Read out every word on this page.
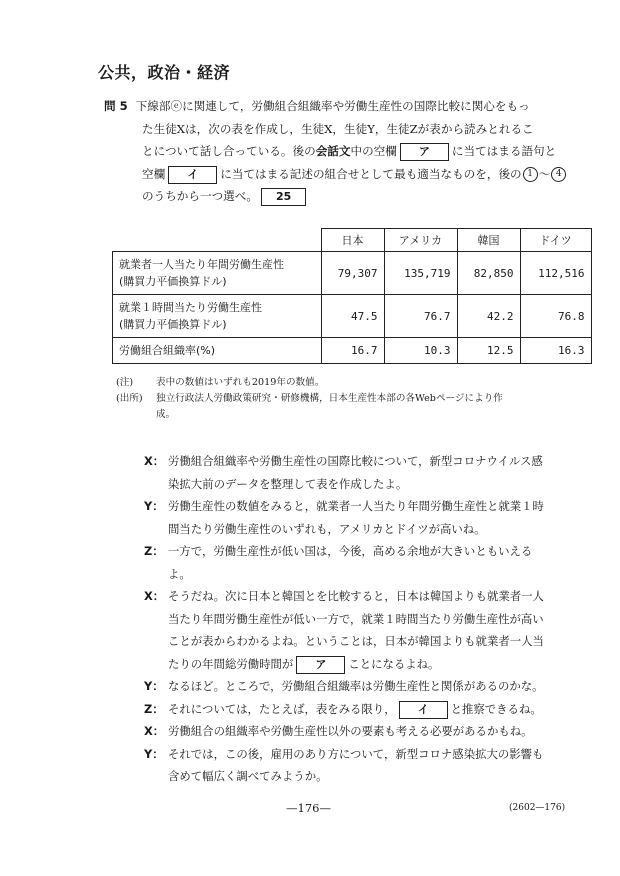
公共，政治・経済
問 5 下線部ⓔに関連して，労働組合組織率や労働生産性の国際比較に関心をもっ
た生徒Xは，次の表を作成し，生徒X，生徒Y，生徒Zが表から読みとれるこ
とについて話し合っている。後の会話文中の空欄 ア に当てはまる語句と
空欄 イ に当てはまる記述の組合せとして最も適当なものを，後の 1 ～ 4
のうちから一つ選べ。 25
	日本	アメリカ	韓国	ドイツ

就業者一人当たり年間労働生産性
(購買力平価換算ドル)	79,307	135,719	82,850	112,516

就業１時間当たり労働生産性
(購買力平価換算ドル)	47.5	76.7	42.2	76.8
労働組合組織率(%)	16.7	10.3	12.5	16.3
(注)	表中の数値はいずれも2019年の数値。
(出所)	独立行政法人労働政策研究・研修機構，日本生産性本部の各Webページにより作
成。
X： 労働組合組織率や労働生産性の国際比較について，新型コロナウイルス感
染拡大前のデータを整理して表を作成したよ。
Y： 労働生産性の数値をみると，就業者一人当たり年間労働生産性と就業１時
間当たり労働生産性のいずれも，アメリカとドイツが高いね。
Z： 一方で，労働生産性が低い国は，今後，高める余地が大きいともいえる
よ。
X： そうだね。次に日本と韓国とを比較すると，日本は韓国よりも就業者一人
当たり年間労働生産性が低い一方で，就業１時間当たり労働生産性が高い
ことが表からわかるよね。ということは，日本が韓国よりも就業者一人当
たりの年間総労働時間が ア ことになるよね。
Y： なるほど。ところで，労働組合組織率は労働生産性と関係があるのかな。
Z： それについては，たとえば，表をみる限り， イ と推察できるね。
X： 労働組合の組織率や労働生産性以外の要素も考える必要があるかもね。
Y： それでは，この後，雇用のあり方について，新型コロナ感染拡大の影響も
含めて幅広く調べてみようか。
—176—	(2602—176)
